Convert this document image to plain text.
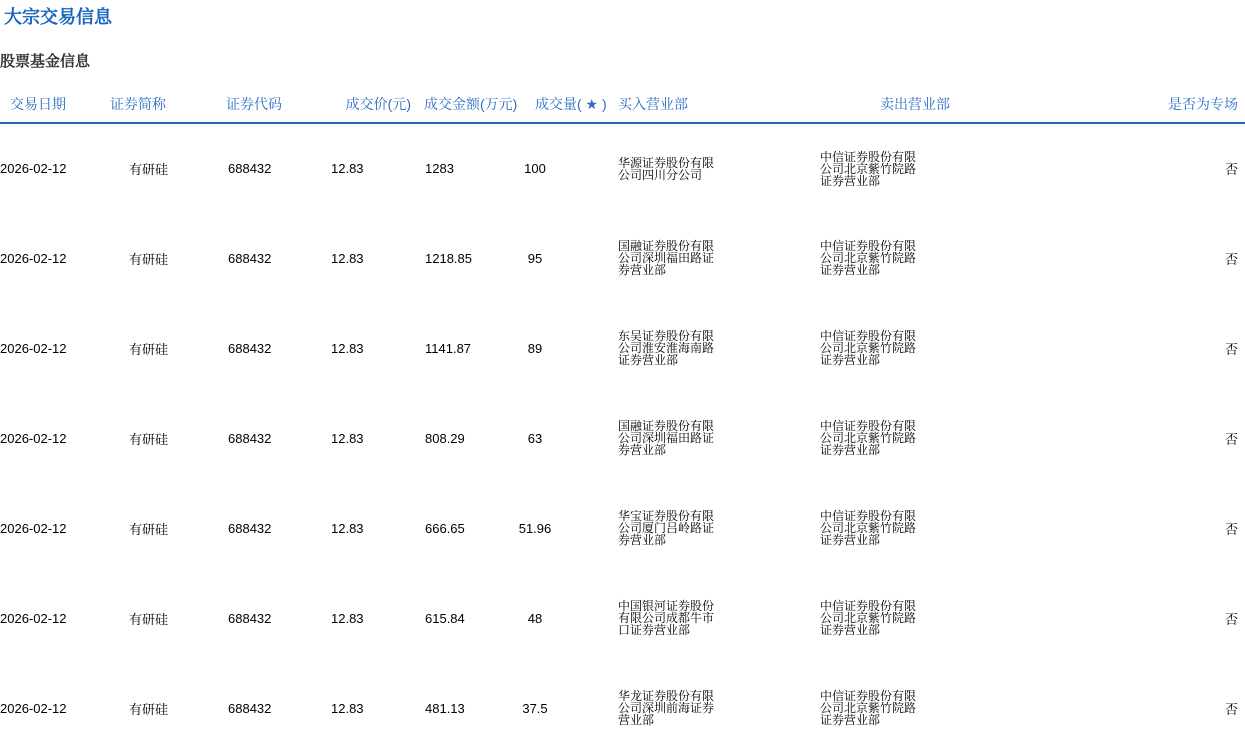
大宗交易信息
股票基金信息
交易日期	证券简称	证券代码	成交价(元)	成交金额(万元)	成交量( ★ )	买入营业部	卖出营业部	是否为专场
2026-02-12	有研硅	688432	12.83	1283	100	华源证券股份有限公司四川分公司	中信证券股份有限公司北京紫竹院路证券营业部	否
2026-02-12	有研硅	688432	12.83	1218.85	95	国融证券股份有限公司深圳福田路证券营业部	中信证券股份有限公司北京紫竹院路证券营业部	否
2026-02-12	有研硅	688432	12.83	1141.87	89	东吴证券股份有限公司淮安淮海南路证券营业部	中信证券股份有限公司北京紫竹院路证券营业部	否
2026-02-12	有研硅	688432	12.83	808.29	63	国融证券股份有限公司深圳福田路证券营业部	中信证券股份有限公司北京紫竹院路证券营业部	否
2026-02-12	有研硅	688432	12.83	666.65	51.96	华宝证券股份有限公司厦门吕岭路证券营业部	中信证券股份有限公司北京紫竹院路证券营业部	否
2026-02-12	有研硅	688432	12.83	615.84	48	中国银河证券股份有限公司成都牛市口证券营业部	中信证券股份有限公司北京紫竹院路证券营业部	否
2026-02-12	有研硅	688432	12.83	481.13	37.5	华龙证券股份有限公司深圳前海证券营业部	中信证券股份有限公司北京紫竹院路证券营业部	否
